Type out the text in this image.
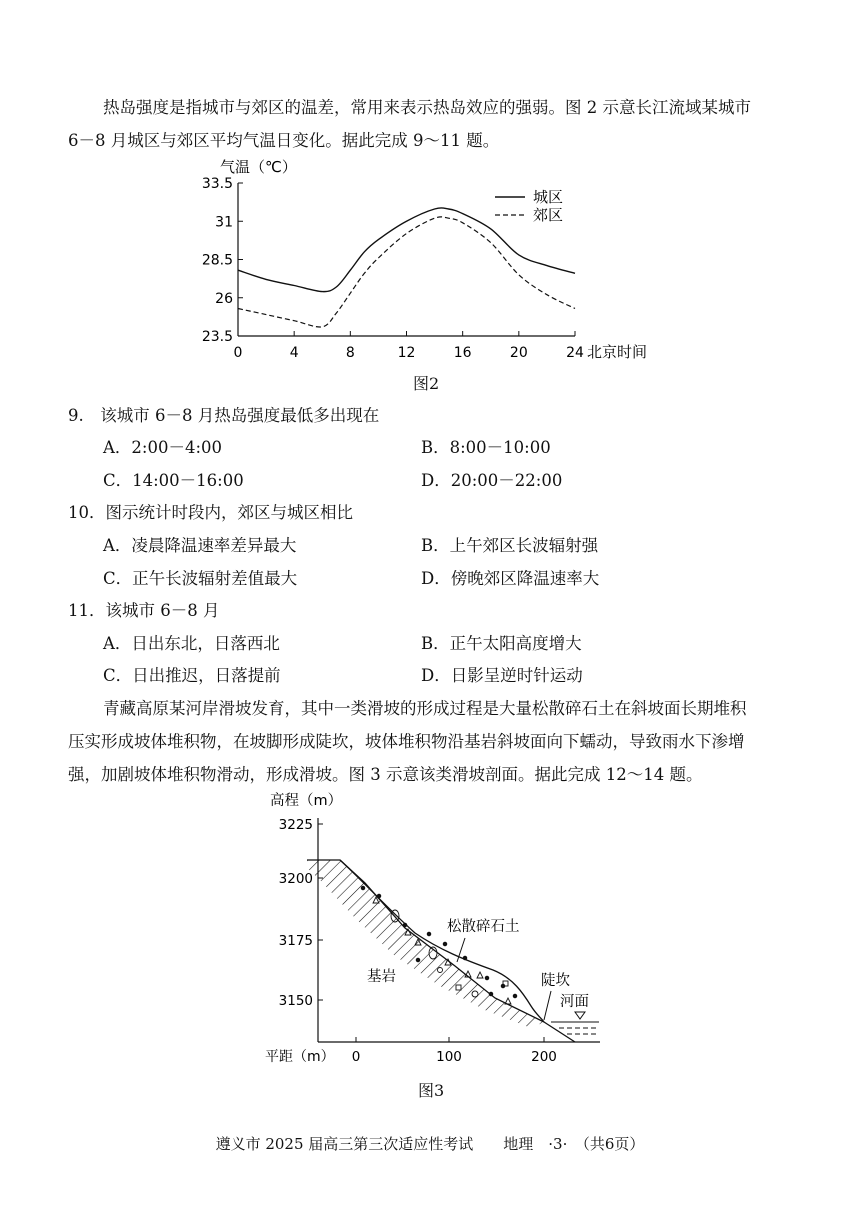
热岛强度是指城市与郊区的温差，常用来表示热岛效应的强弱。图 2 示意长江流域某城市
6－8 月城区与郊区平均气温日变化。据此完成 9～11 题。
气温（℃）
33.5
31
28.5
26
23.5
0	4	8	12	16	20	24 北京时间
城区
郊区
图2
9.　该城市 6－8 月热岛强度最低多出现在
A．2:00－4:00	B．8:00－10:00
C．14:00－16:00	D．20:00－22:00
10．图示统计时段内，郊区与城区相比
A．凌晨降温速率差异最大	B．上午郊区长波辐射强
C．正午长波辐射差值最大	D．傍晚郊区降温速率大
11．该城市 6－8 月
A．日出东北，日落西北	B．正午太阳高度增大
C．日出推迟，日落提前	D．日影呈逆时针运动
青藏高原某河岸滑坡发育，其中一类滑坡的形成过程是大量松散碎石土在斜坡面长期堆积
压实形成坡体堆积物，在坡脚形成陡坎，坡体堆积物沿基岩斜坡面向下蠕动，导致雨水下渗增
强，加剧坡体堆积物滑动，形成滑坡。图 3 示意该类滑坡剖面。据此完成 12～14 题。
高程（m）
3225
3200
3175
3150
平距（m） 0	100	200
松散碎石土
基岩	陡坎
河面
图3
遵义市 2025 届高三第三次适应性考试　　地理　·3·　（共6页）
